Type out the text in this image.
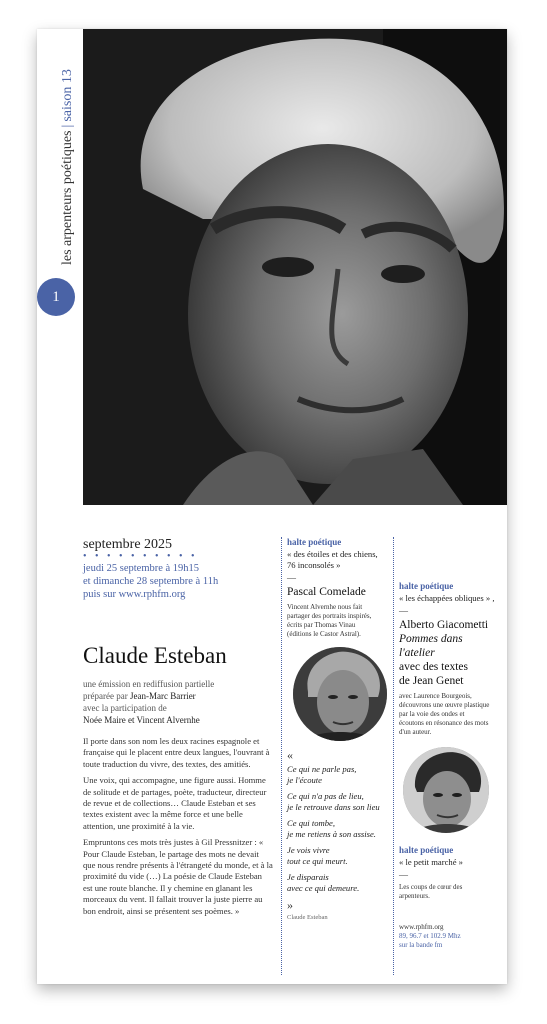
les arpenteurs poétiques|saison 13
1
septembre 2025
• • • • • • • • • •
jeudi 25 septembre à 19h15
et dimanche 28 septembre à 11h
puis sur www.rphfm.org
Claude Esteban
une émission en rediffusion partielle
préparée par Jean-Marc Barrier
avec la participation de
Noée Maire et Vincent Alvernhe

Il porte dans son nom les deux racines espagnole et française qui le placent entre deux langues, l'ouvrant à toute traduction du vivre, des textes, des amitiés.

Une voix, qui accompagne, une figure aussi. Homme de solitude et de partages, poète, traducteur, directeur de revue et de collections… Claude Esteban et ses textes existent avec la même force et une belle attention, une proximité à la vie.

Empruntons ces mots très justes à Gil Pressnitzer : « Pour Claude Esteban, le partage des mots ne devait que nous rendre présents à l'étrangeté du monde, et à la proximité du vide (…) La poésie de Claude Esteban est une route blanche. Il y chemine en glanant les morceaux du vent. Il fallait trouver la juste pierre au bon endroit, ainsi se présentent ses poèmes. »

halte poétique
« des étoiles et des chiens, 76 inconsolés »
—
Pascal Comelade
Vincent Alvernhe nous fait partager des portraits inspirés, écrits par Thomas Vinau (éditions le Castor Astral).
«

Ce qui ne parle pas,
je l'écoute

Ce qui n'a pas de lieu,
je le retrouve dans son lieu

Ce qui tombe,
je me retiens à son assise.

Je vois vivre
tout ce qui meurt.

Je disparais
avec ce qui demeure.

»
Claude Esteban
halte poétique
« les échappées obliques » ,
—
Alberto Giacometti
Pommes dans l'atelier
avec des textes
de Jean Genet
avec Laurence Bourgeois, découvrons une œuvre plastique par la voie des ondes et écoutons en résonance des mots d'un auteur.
halte poétique
« le petit marché »
—
Les coups de cœur des arpenteurs.
www.rphfm.org
89, 96.7 et 102.9 Mhz
sur la bande fm
